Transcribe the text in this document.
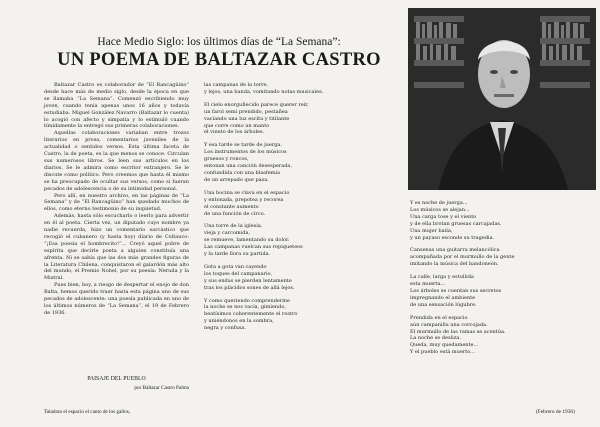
Hace Medio Siglo: los últimos días de “La Semana”:
UN POEMA DE BALTAZAR CASTRO

Baltazar Castro es colaborador de “El Rancagüino” desde hace más de medio siglo, desde la época en que se llamaba “La Semana”. Comenzó escribiendo muy joven, cuando tenía apenas unos 16 años y todavía estudiaba. Miguel González Navarro (Baltazar lo cuenta) lo acogió con afecto y simpatía y lo estimuló cuando tímidamente la entregó sus primeras colaboraciones.

Aquellas colaboraciones variaban entre trozos literarios en prosa, comentarios juveniles de la actualidad o sentidos versos. Esta última faceta de Castro, la de poeta, es la que menos se conoce. Circulan sus numerosos libros. Se leen sus artículos en los diarios. Se le admira como escritor extranjero. Se le discute como político. Pero creemos que hasta él mismo se ha preocupado de ocultar sus versos, como si fueran pecados de adolescencia o de su intimidad personal.

Pero allí, en nuestro archivo, en las páginas de “La Semana” y de “El Rancagüino” han quedado muchos de ellos, como eterno testimonio de su inquietud.

Además, hasta sólo escucharlo o leerlo para advertir en él al poeta. Cierta vez, un diputado cuyo nombre ya nadie recuerda, hizo un comentario sarcástico que recogió el cubanero (y hasta hoy) diario de Coltauco: “¡Esa poesía el hombrecito!”... Creyó aquel pobre de espíritu que decirle poeta a alguien constituía una afrenta. Ni se sabía que las dos más grandes figuras de la Literatura Chilena, conquistaron el galardón más alto del mundo, el Premio Nobel, por su poesía: Neruda y la Mistral.

Pues bien, hoy, a riesgo de despertar el enojo de don Balta, hemos querido traer hasta esta página uno de sus pecados de adolescente: una poesía publicada en uno de los últimos números de “La Semana”, el 19 de Febrero de 1936.

PAISAJE DEL PUEBLO
por Baltazar Castro Palma
Taladran el espacio el canto de los gallos,

las campanas de la torre,
y lejos, una banda, vomitando notas musicales.

El cielo enorgullecido parece querer reír,
un farol semi prendido, pestañea
vaciando una luz escita y titilante
que corre como un manto
el viento de los árboles.

Y esa tarde se tarde de juerga.
Los instrumentos de los músicos
gruesos y roncos,
entonan una canción desesperada,
confundida con una blasfemia
de un arrepado que pasa.

Una bocina se clava en el espacio
y entonada, prepotea y recorea
el constante aumento
de una función de circo.

Una torre de la iglesia,
vieja y carcomida,
se remueve, lamentando su dolor.
Las campanas vuelcan sus repiqueteos
y la tarde llora su partida.

Gota a gota van cayendo
los toques del campanario,
y sus endas se pierden lentamente
tras los plácidos sones de allá lejos.

Y como queriendo comprenderme
la noche se nos vacía, gimiendo,
beatísimos coherentemente el rostro
y uniéndonos en la sombra,
negra y confusa.

Y es noche de juerga...
Los músicos se alejan...
Una carga tose y el viento
y de ella brotan gruesas carcajadas.
Una mujer baila,
y un payaso esconde su tragedia.

Cansenas una guitarra melancólica
acompañada por el murmullo de la gente
imitando la música del bandoneón.

La calle, larga y estullida
esta muerta...
Los árboles se cuentan sus secretos
impregnando el ambiente
de una sensación lúgubre.

Prendida en el espacio
aún campanilla una corcojada.
El murmullo de las ramas se acentúa.
La noche se desliza.
Queda, muy quedamente...
Y el pueblo está muerto...

(Febrero de 1936)
